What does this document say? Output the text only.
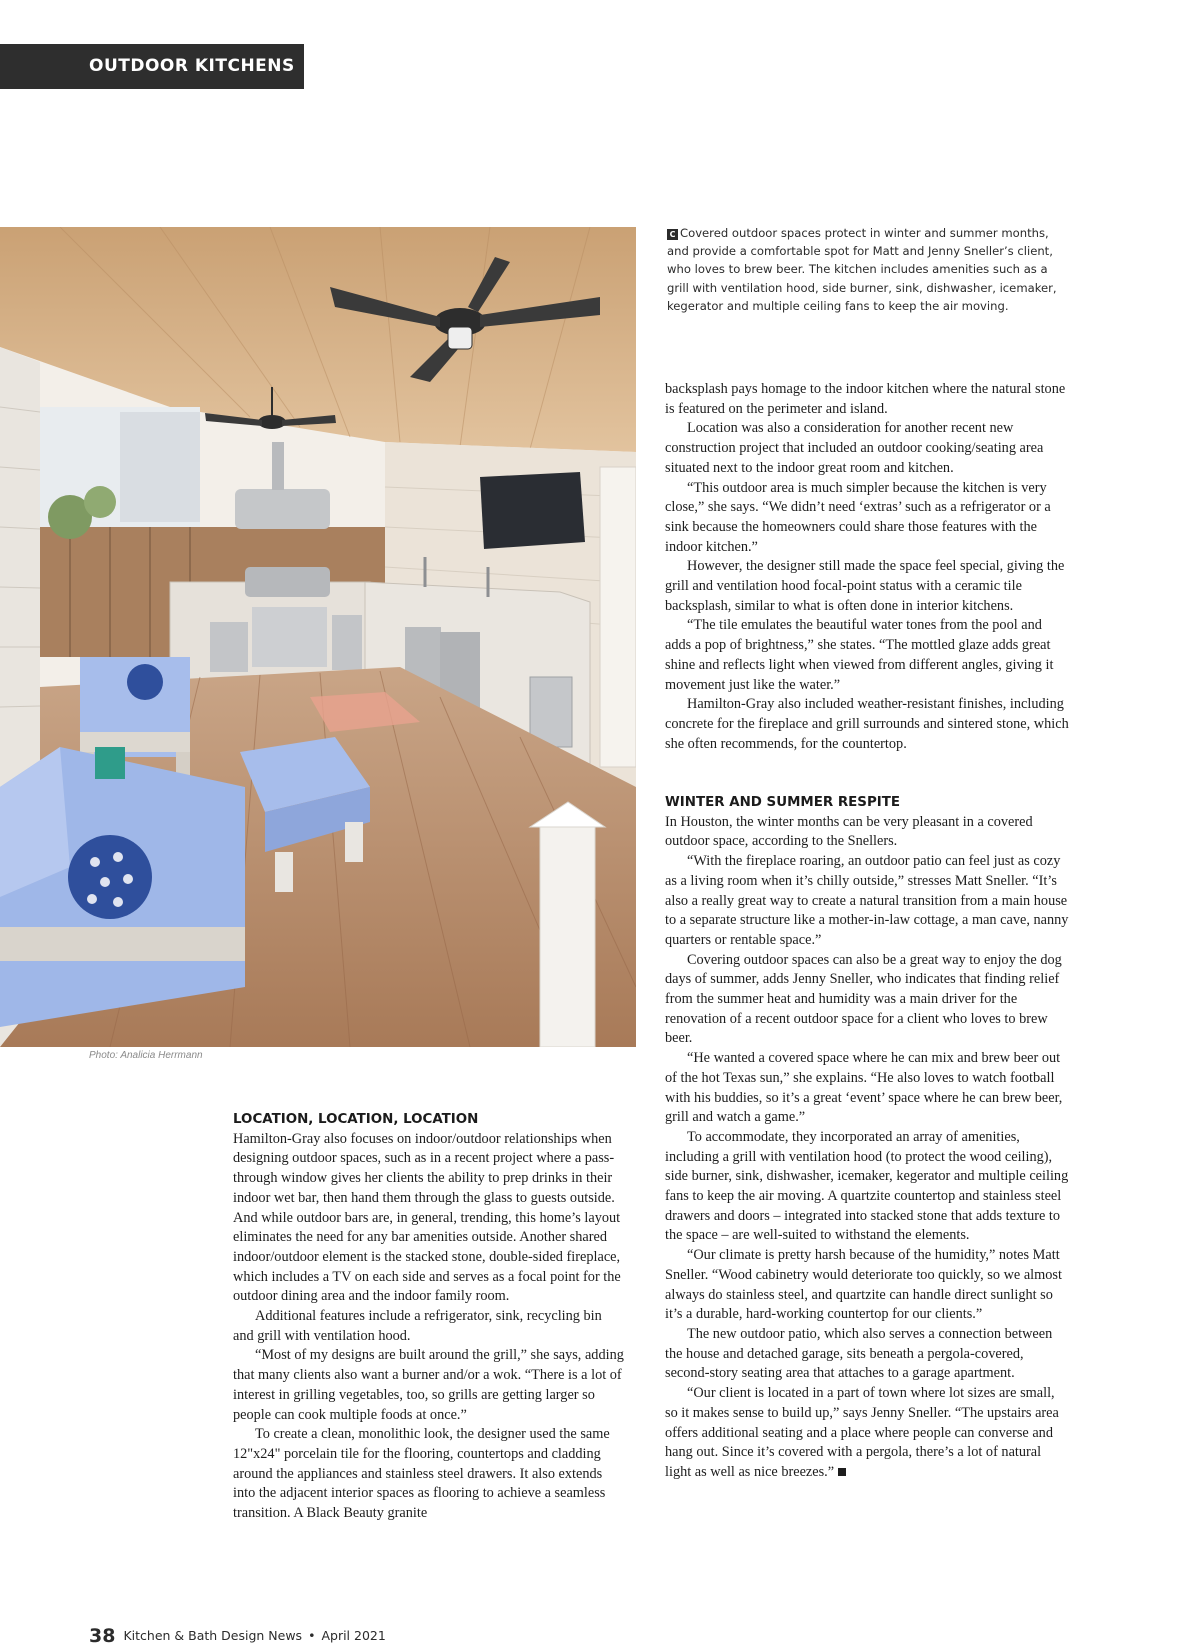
OUTDOOR KITCHENS
Photo: Analicia Herrmann
C Covered outdoor spaces protect in winter and summer months, and provide a comfortable spot for Matt and Jenny Sneller’s client, who loves to brew beer. The kitchen includes amenities such as a grill with ventilation hood, side burner, sink, dishwasher, icemaker, kegerator and multiple ceiling fans to keep the air moving.

backsplash pays homage to the indoor kitchen where the natural stone is featured on the perimeter and island.

Location was also a consideration for another recent new construction project that included an outdoor cooking/seating area situated next to the indoor great room and kitchen.

“This outdoor area is much simpler because the kitchen is very close,” she says. “We didn’t need ‘extras’ such as a refrigerator or a sink because the homeowners could share those features with the indoor kitchen.”

However, the designer still made the space feel special, giving the grill and ventilation hood focal-point status with a ceramic tile backsplash, similar to what is often done in interior kitchens.

“The tile emulates the beautiful water tones from the pool and adds a pop of brightness,” she states. “The mottled glaze adds great shine and reflects light when viewed from different angles, giving it movement just like the water.”

Hamilton-Gray also included weather-resistant finishes, including concrete for the fireplace and grill surrounds and sintered stone, which she often recommends, for the countertop.

WINTER AND SUMMER RESPITE

In Houston, the winter months can be very pleasant in a covered outdoor space, according to the Snellers.

“With the fireplace roaring, an outdoor patio can feel just as cozy as a living room when it’s chilly outside,” stresses Matt Sneller. “It’s also a really great way to create a natural transition from a main house to a separate structure like a mother-in-law cottage, a man cave, nanny quarters or rentable space.”

Covering outdoor spaces can also be a great way to enjoy the dog days of summer, adds Jenny Sneller, who indicates that finding relief from the summer heat and humidity was a main driver for the renovation of a recent outdoor space for a client who loves to brew beer.

“He wanted a covered space where he can mix and brew beer out of the hot Texas sun,” she explains. “He also loves to watch football with his buddies, so it’s a great ‘event’ space where he can brew beer, grill and watch a game.”

To accommodate, they incorporated an array of amenities, including a grill with ventilation hood (to protect the wood ceiling), side burner, sink, dishwasher, icemaker, kegerator and multiple ceiling fans to keep the air moving. A quartzite countertop and stainless steel drawers and doors – integrated into stacked stone that adds texture to the space – are well-suited to withstand the elements.

“Our climate is pretty harsh because of the humidity,” notes Matt Sneller. “Wood cabinetry would deteriorate too quickly, so we almost always do stainless steel, and quartzite can handle direct sunlight so it’s a durable, hard-working countertop for our clients.”

The new outdoor patio, which also serves a connection between the house and detached garage, sits beneath a pergola-covered, second-story seating area that attaches to a garage apartment.

“Our client is located in a part of town where lot sizes are small, so it makes sense to build up,” says Jenny Sneller. “The upstairs area offers additional seating and a place where people can converse and hang out. Since it’s covered with a pergola, there’s a lot of natural light as well as nice breezes.”

LOCATION, LOCATION, LOCATION

Hamilton-Gray also focuses on indoor/outdoor relationships when designing outdoor spaces, such as in a recent project where a pass-through window gives her clients the ability to prep drinks in their indoor wet bar, then hand them through the glass to guests outside. And while outdoor bars are, in general, trending, this home’s layout eliminates the need for any bar amenities outside. Another shared indoor/outdoor element is the stacked stone, double-sided fireplace, which includes a TV on each side and serves as a focal point for the outdoor dining area and the indoor family room.

Additional features include a refrigerator, sink, recycling bin and grill with ventilation hood.

“Most of my designs are built around the grill,” she says, adding that many clients also want a burner and/or a wok. “There is a lot of interest in grilling vegetables, too, so grills are getting larger so people can cook multiple foods at once.”

To create a clean, monolithic look, the designer used the same 12"x24" porcelain tile for the flooring, countertops and cladding around the appliances and stainless steel drawers. It also extends into the adjacent interior spaces as flooring to achieve a seamless transition. A Black Beauty granite

38 Kitchen & Bath Design News • April 2021
